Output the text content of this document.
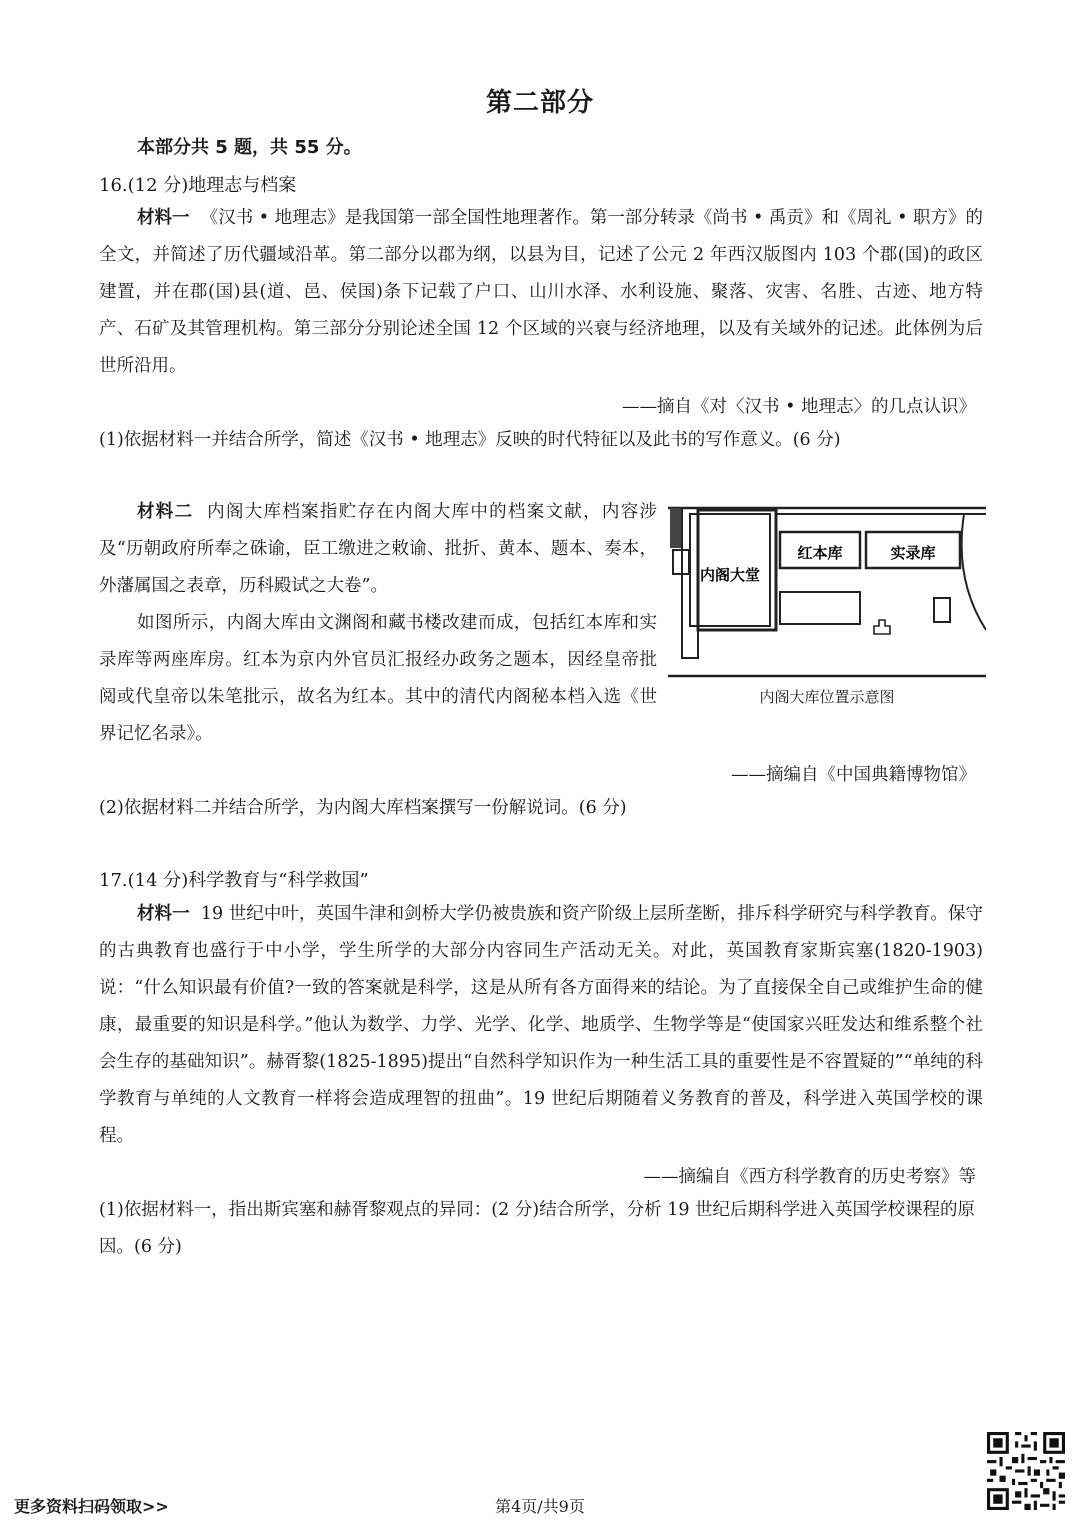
第二部分
本部分共 5 题，共 55 分。
16.(12 分)地理志与档案

材料一 《汉书 • 地理志》是我国第一部全国性地理著作。第一部分转录《尚书 • 禹贡》和《周礼 • 职方》的全文，并简述了历代疆域沿革。第二部分以郡为纲，以县为目，记述了公元 2 年西汉版图内 103 个郡(国)的政区建置，并在郡(国)县(道、邑、侯国)条下记载了户口、山川水泽、水利设施、聚落、灾害、名胜、古迹、地方特产、石矿及其管理机构。第三部分分别论述全国 12 个区域的兴衰与经济地理，以及有关域外的记述。此体例为后世所沿用。

——摘自《对〈汉书 • 地理志〉的几点认识》

(1)依据材料一并结合所学，简述《汉书 • 地理志》反映的时代特征以及此书的写作意义。(6 分)

材料二 内阁大库档案指贮存在内阁大库中的档案文献，内容涉及“历朝政府所奉之硃谕，臣工缴进之敕谕、批折、黄本、题本、奏本，外藩属国之表章，历科殿试之大卷”。

如图所示，内阁大库由文渊阁和藏书楼改建而成，包括红本库和实录库等两座库房。红本为京内外官员汇报经办政务之题本，因经皇帝批阅或代皇帝以朱笔批示，故名为红本。其中的清代内阁秘本档入选《世界记忆名录》。

内阁大堂
红本库	实录库
内阁大库位置示意图
——摘编自《中国典籍博物馆》

(2)依据材料二并结合所学，为内阁大库档案撰写一份解说词。(6 分)

17.(14 分)科学教育与“科学救国”

材料一 19 世纪中叶，英国牛津和剑桥大学仍被贵族和资产阶级上层所垄断，排斥科学研究与科学教育。保守的古典教育也盛行于中小学，学生所学的大部分内容同生产活动无关。对此，英国教育家斯宾塞(1820-1903)说：“什么知识最有价值?一致的答案就是科学，这是从所有各方面得来的结论。为了直接保全自己或维护生命的健康，最重要的知识是科学。”他认为数学、力学、光学、化学、地质学、生物学等是“使国家兴旺发达和维系整个社会生存的基础知识”。赫胥黎(1825-1895)提出“自然科学知识作为一种生活工具的重要性是不容置疑的”“单纯的科学教育与单纯的人文教育一样将会造成理智的扭曲”。19 世纪后期随着义务教育的普及，科学进入英国学校的课程。

——摘编自《西方科学教育的历史考察》等

(1)依据材料一，指出斯宾塞和赫胥黎观点的异同：(2 分)结合所学，分析 19 世纪后期科学进入英国学校课程的原因。(6 分)

更多资料扫码领取>>	第4页/共9页
